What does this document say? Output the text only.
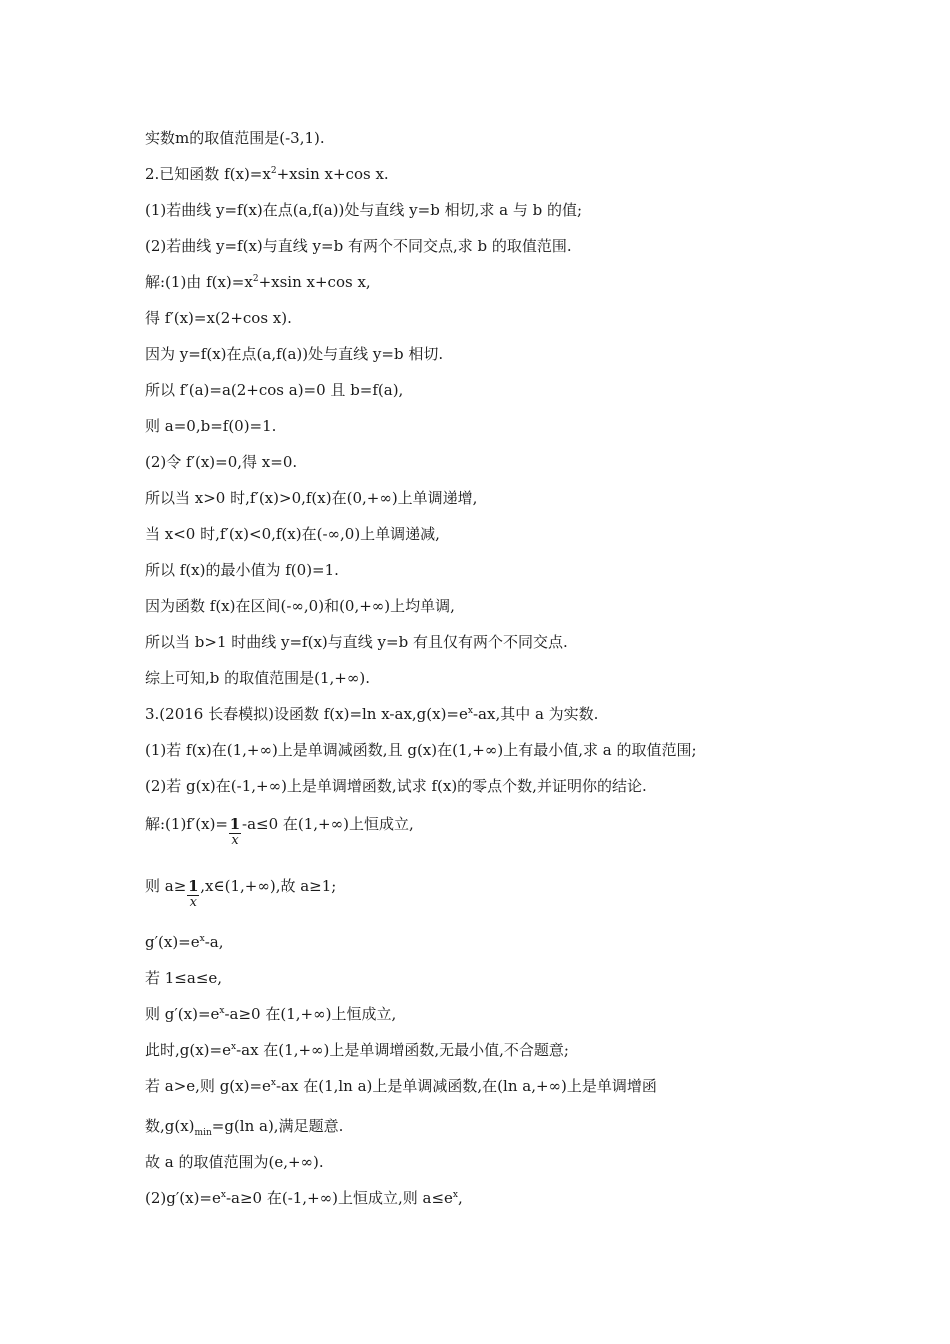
实数m的取值范围是(-3,1).
2.已知函数 $f(x)=x^2+xsin$ x+cos x.
(1)若曲线 y=f(x)在点(a,f(a))处与直线 y=b 相切,求 a 与 b 的值;
(2)若曲线 y=f(x)与直线 y=b 有两个不同交点,求 b 的取值范围.
解:(1)由 $f(x)=x^2+xsin$ x+cos x,
得 f′(x)=x(2+cos x).
因为 y=f(x)在点(a,f(a))处与直线 y=b 相切.
所以 f′(a)=a(2+cos a)=0 且 b=f(a),
则 a=0,b=f(0)=1.
(2)令 f′(x)=0,得 x=0.
所以当 x>0 时,f′(x)>0,f(x)在(0,+∞)上单调递增,
当 x<0 时,f′(x)<0,f(x)在(-∞,0)上单调递减,
所以 f(x)的最小值为 f(0)=1.
因为函数 f(x)在区间(-∞,0)和(0,+∞)上均单调,
所以当 b>1 时曲线 y=f(x)与直线 y=b 有且仅有两个不同交点.
综上可知,b 的取值范围是(1,+∞).
3.(2016 长春模拟)设函数 f(x)=ln $x-ax,g(x)=e^x-ax$,其中 a 为实数.
(1)若 f(x)在(1,+∞)上是单调减函数,且 g(x)在(1,+∞)上有最小值,求 a 的取值范围;
(2)若 g(x)在(-1,+∞)上是单调增函数,试求 f(x)的零点个数,并证明你的结论.
解:(1)f′(x)= $\frac{1}{x} -a\le 0$ 在(1,+∞)上恒成立,
则 $a\ge \frac{1}{x}$ ,x∈(1,+∞),故 a≥1;
$g'(x)=e^x-a$,
若 1≤a≤e,
则 $g'(x)=e^x-a\ge 0$ 在(1,+∞)上恒成立,
此时$,g(x)=e^x-ax$ 在(1,+∞)上是单调增函数,无最小值,不合题意;
若 a>e,则 $g(x)=e^x-ax$ 在(1,ln a)上是单调减函数,在(ln a,+∞)上是单调增函
数$,g(x)_{min}=g(\ln$ a),满足题意.
故 a 的取值范围为(e,+∞).
$(2)g'(x)=e^x-a\ge 0$ 在(-1,+∞)上恒成立,则 $a\le e^x$,
